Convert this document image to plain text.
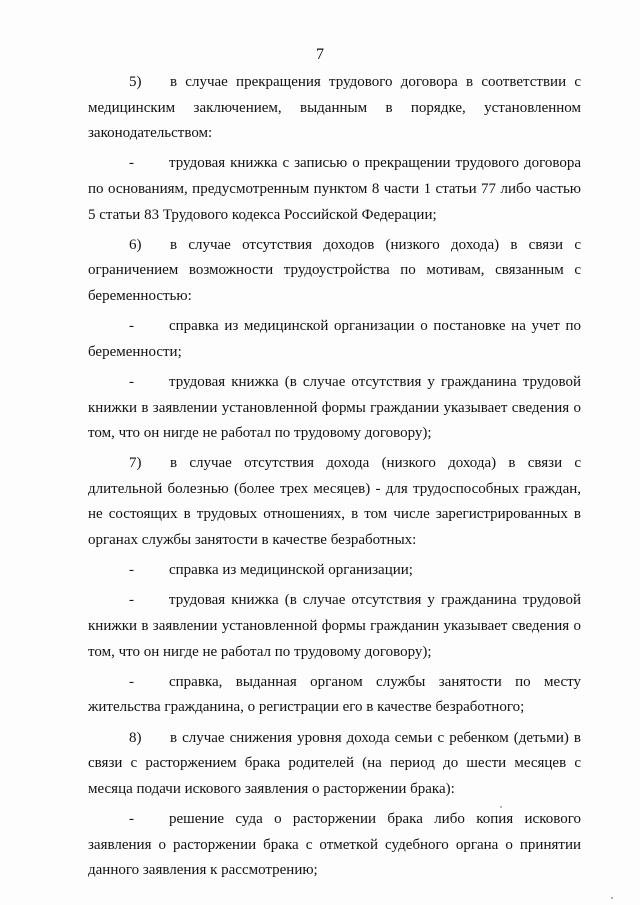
7

5) в случае прекращения трудового договора в соответствии с медицинским заключением, выданным в порядке, установленном законодательством:

- трудовая книжка с записью о прекращении трудового договора по основаниям, предусмотренным пунктом 8 части 1 статьи 77 либо частью 5 статьи 83 Трудового кодекса Российской Федерации;

6) в случае отсутствия доходов (низкого дохода) в связи с ограничением возможности трудоустройства по мотивам, связанным с беременностью:

- справка из медицинской организации о постановке на учет по беременности;

- трудовая книжка (в случае отсутствия у гражданина трудовой книжки в заявлении установленной формы граждании указывает сведения о том, что он нигде не работал по трудовому договору);

7) в случае отсутствия дохода (низкого дохода) в связи с длительной болезнью (более трех месяцев) - для трудоспособных граждан, не состоящих в трудовых отношениях, в том числе зарегистрированных в органах службы занятости в качестве безработных:

- справка из медицинской организации;

- трудовая книжка (в случае отсутствия у гражданина трудовой книжки в заявлении установленной формы гражданин указывает сведения о том, что он нигде не работал по трудовому договору);

- справка, выданная органом службы занятости по месту жительства гражданина, о регистрации его в качестве безработного;

8) в случае снижения уровня дохода семьи с ребенком (детьми) в связи с расторжением брака родителей (на период до шести месяцев с месяца подачи искового заявления о расторжении брака):

- решение суда о расторжении брака либо копия искового заявления о расторжении брака с отметкой судебного органа о принятии данного заявления к рассмотрению;
